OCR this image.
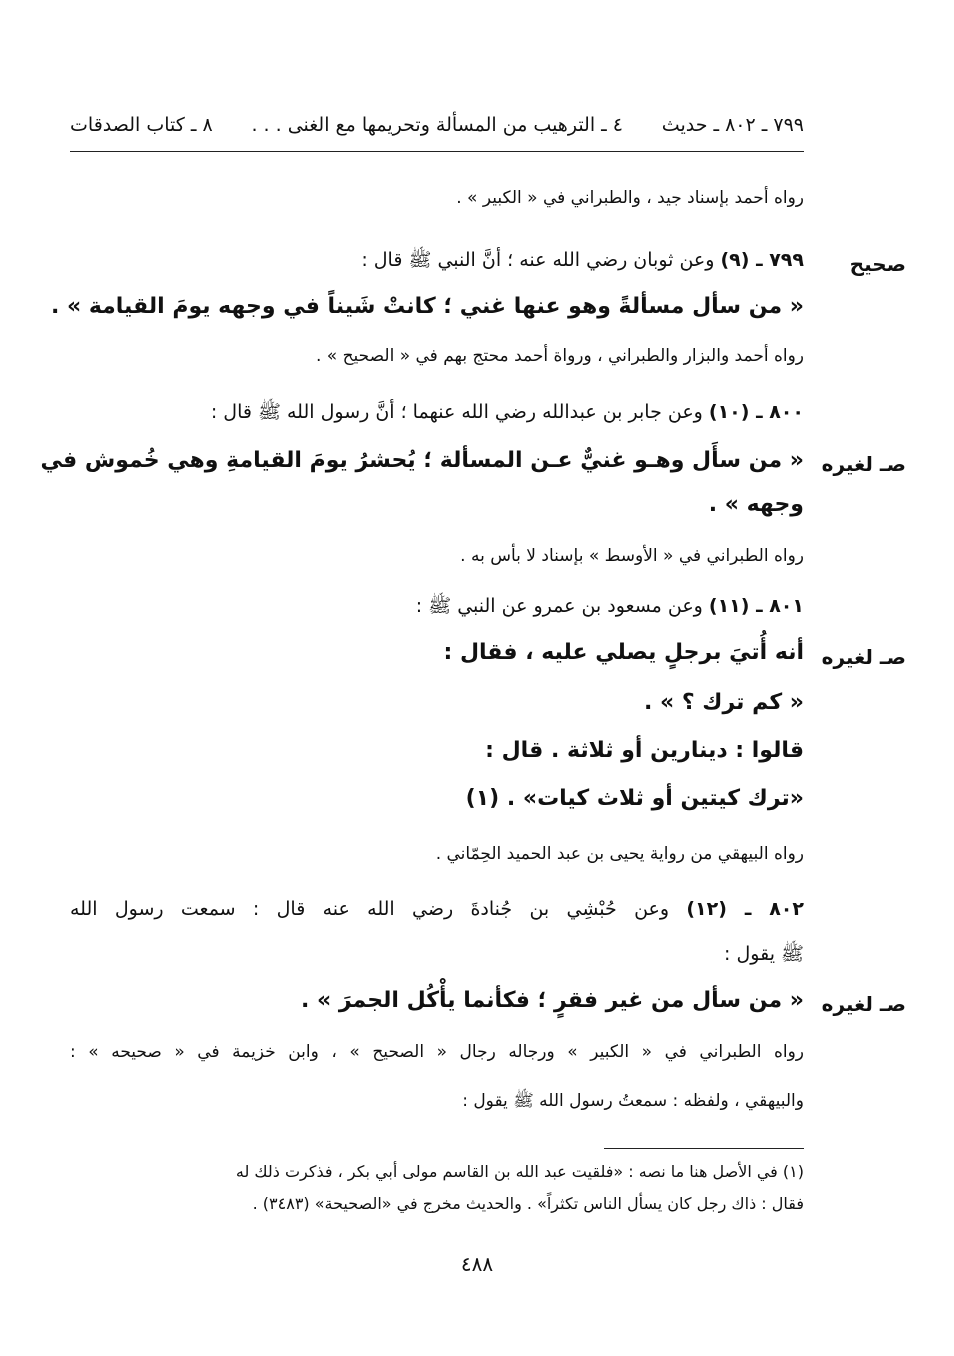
٨ ـ كتاب الصدقات ٤ ـ الترهيب من المسألة وتحريمها مع الغنى . . . ٧٩٩ ـ ٨٠٢ ـ حديث
رواه أحمد بإسناد جيد ، والطبراني في « الكبير » .
صحيح
٧٩٩ ـ (٩) وعن ثوبان رضي الله عنه ؛ أنَّ النبي ﷺ قال :
« من سأل مسألةً وهو عنها غني ؛ كانتْ شَيناً في وجهه يومَ القيامة » .
رواه أحمد والبزار والطبراني ، ورواة أحمد محتج بهم في « الصحيح » .
٨٠٠ ـ (١٠) وعن جابر بن عبدالله رضي الله عنهما ؛ أنَّ رسول الله ﷺ قال :
صـ لغيره
« من سأَل وهـو غنيٌّ عـن المسألة ؛ يُحشرُ يومَ القيامةِ وهي خُموش في
وجهه » .
رواه الطبراني في « الأوسط » بإسناد لا بأس به .
٨٠١ ـ (١١) وعن مسعود بن عمرو عن النبي ﷺ :
صـ لغيره
أنه أُتيَ برجلٍ يصلي عليه ، فقال :
« كم ترك ؟ » .
قالوا : دينارين أو ثلاثة . قال :
«ترك كيتين أو ثلاث كيات» . (١)
رواه البيهقي من رواية يحيى بن عبد الحميد الحِمّاني .
٨٠٢ ـ (١٢) وعن حُبْشِي بن جُنادةَ رضي الله عنه قال : سمعت رسول الله
ﷺ يقول :
صـ لغيره
« من سأل من غير فقرٍ ؛ فكأنما يأْكُل الجمرَ » .
رواه الطبراني في « الكبير » ورجاله رجال « الصحيح » ، وابن خزيمة في « صحيحه » :
والبيهقي ، ولفظه : سمعتُ رسول الله ﷺ يقول :
(١) في الأصل هنا ما نصه : «فلقيت عبد الله بن القاسم مولى أبي بكر ، فذكرت ذلك له
فقال : ذاك رجل كان يسأل الناس تكثراً» . والحديث مخرج في «الصحيحة» (٣٤٨٣) .
٤٨٨
